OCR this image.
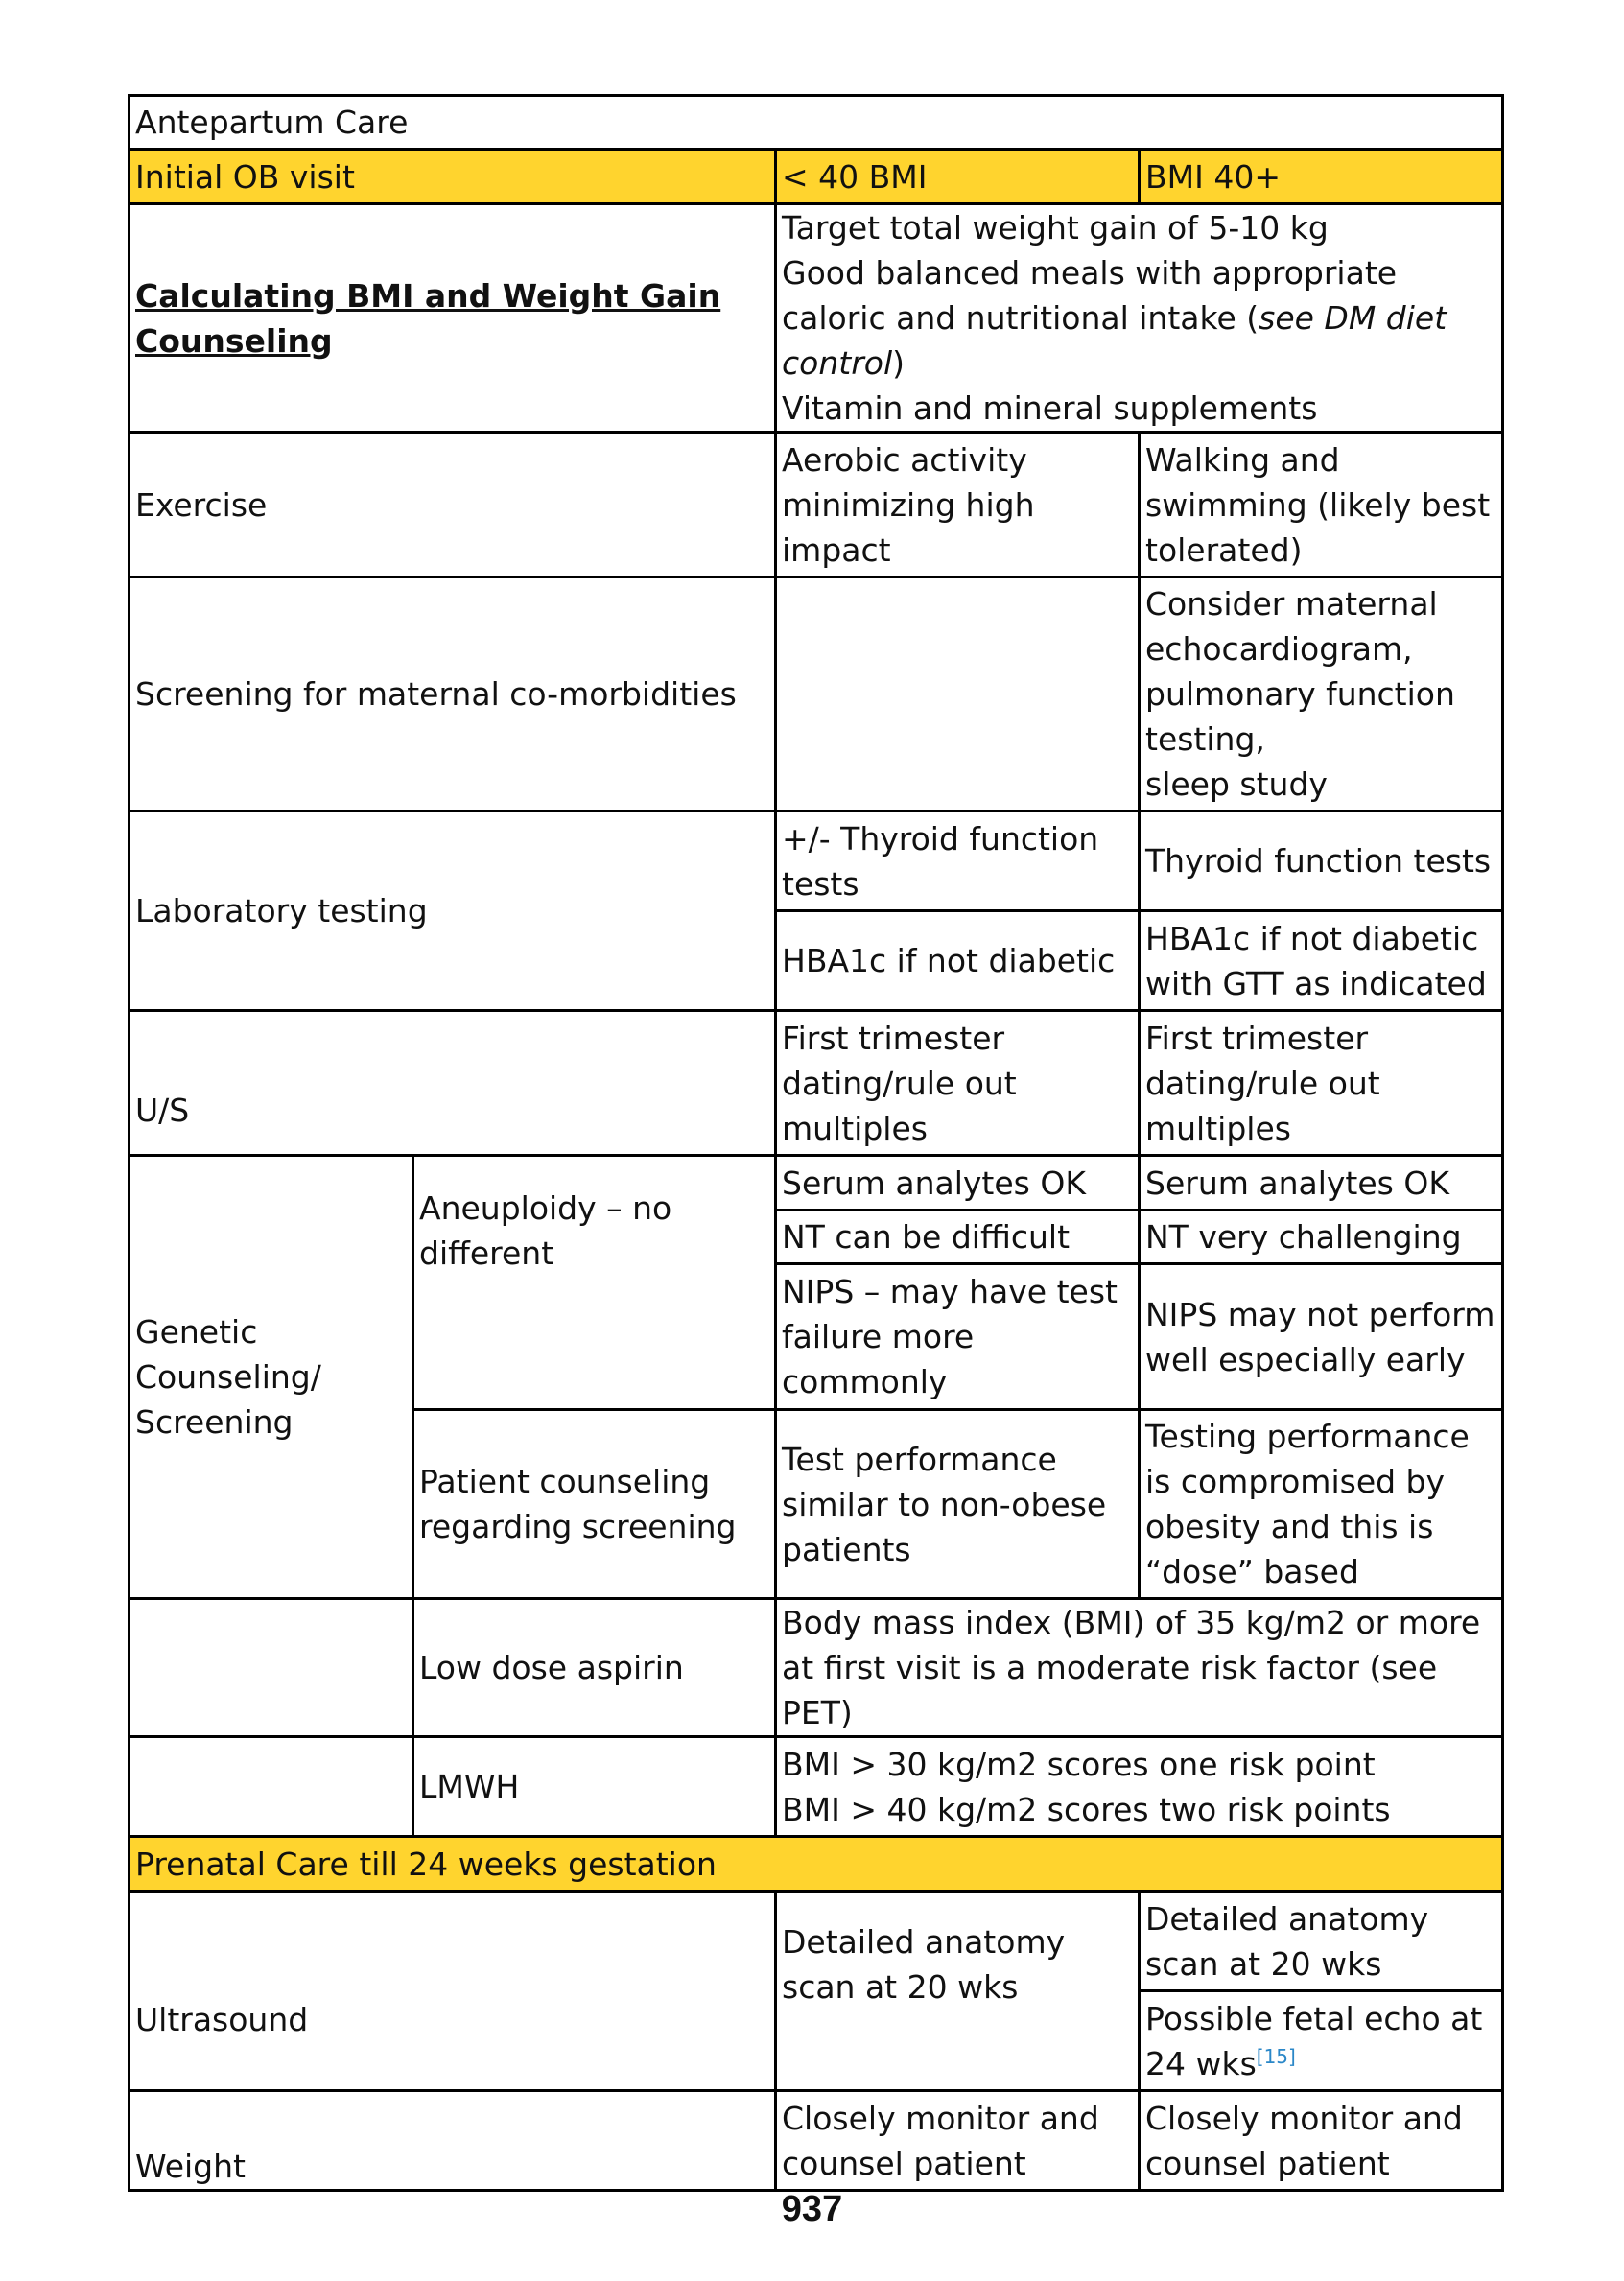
Antepartum Care			
Initial OB visit		< 40 BMI	BMI 40+
Calculating BMI and Weight Gain Counseling		Target total weight gain of 5-10 kg
Good balanced meals with appropriate caloric and nutritional intake (see DM diet control)
Vitamin and mineral supplements	

Exercise		Aerobic activity minimizing high impact	Walking and swimming (likely best tolerated)
Screening for maternal co-morbidities			Consider maternal echocardiogram, pulmonary function testing,
sleep study

Laboratory testing		+/- Thyroid function tests	Thyroid function tests
		HBA1c if not diabetic	HBA1c if not diabetic with GTT as indicated
U/S		First trimester dating/rule out multiples	First trimester dating/rule out multiples
Genetic Counseling/ Screening	Aneuploidy – no different	Serum analytes OK	Serum analytes OK
		NT can be difficult	NT very challenging
		NIPS – may have test failure more commonly	NIPS may not perform well especially early
	Patient counseling regarding screening	Test performance similar to non-obese patients	Testing performance is compromised by obesity and this is “dose” based
	Low dose aspirin	Body mass index (BMI) of 35 kg/m2 or more at first visit is a moderate risk factor (see PET)	
	LMWH	BMI > 30 kg/m2 scores one risk point
BMI > 40 kg/m2 scores two risk points	

Prenatal Care till 24 weeks gestation			
Ultrasound		Detailed anatomy scan at 20 wks	Detailed anatomy scan at 20 wks
			Possible fetal echo at 24 wks[15]
Weight		Closely monitor and counsel patient	Closely monitor and counsel patient
937
